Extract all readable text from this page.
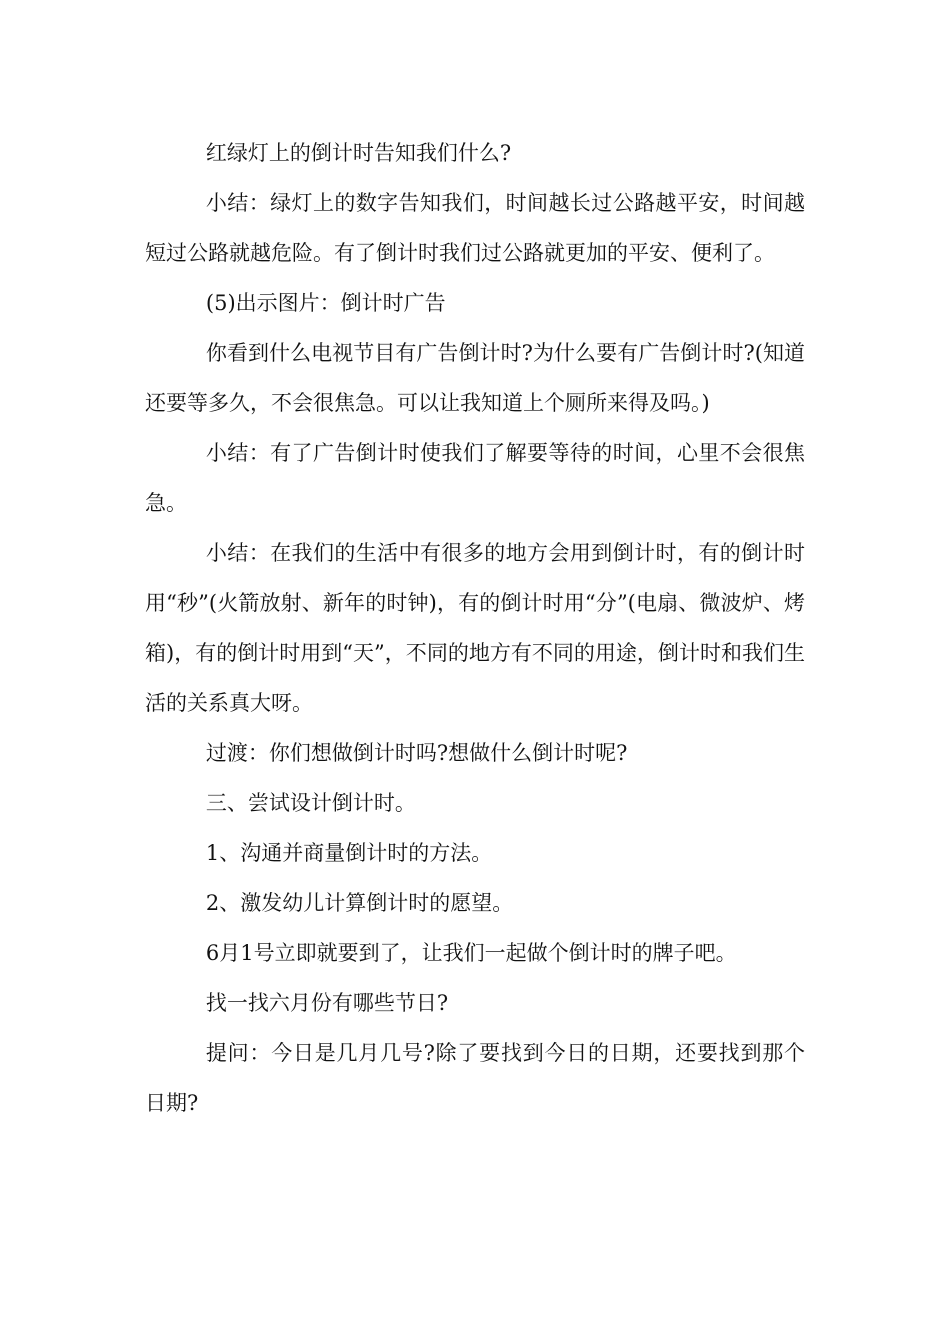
红绿灯上的倒计时告知我们什么?

小结：绿灯上的数字告知我们，时间越长过公路越平安，时间越短过公路就越危险。有了倒计时我们过公路就更加的平安、便利了。

(5)出示图片：倒计时广告

你看到什么电视节目有广告倒计时?为什么要有广告倒计时?(知道还要等多久，不会很焦急。可以让我知道上个厕所来得及吗。)

小结：有了广告倒计时使我们了解要等待的时间，心里不会很焦急。

小结：在我们的生活中有很多的地方会用到倒计时，有的倒计时用“秒”(火箭放射、新年的时钟)，有的倒计时用“分”(电扇、微波炉、烤箱)，有的倒计时用到“天”，不同的地方有不同的用途，倒计时和我们生活的关系真大呀。

过渡：你们想做倒计时吗?想做什么倒计时呢?

三、尝试设计倒计时。

1、沟通并商量倒计时的方法。

2、激发幼儿计算倒计时的愿望。

6月1号立即就要到了，让我们一起做个倒计时的牌子吧。

找一找六月份有哪些节日?

提问：今日是几月几号?除了要找到今日的日期，还要找到那个日期?
